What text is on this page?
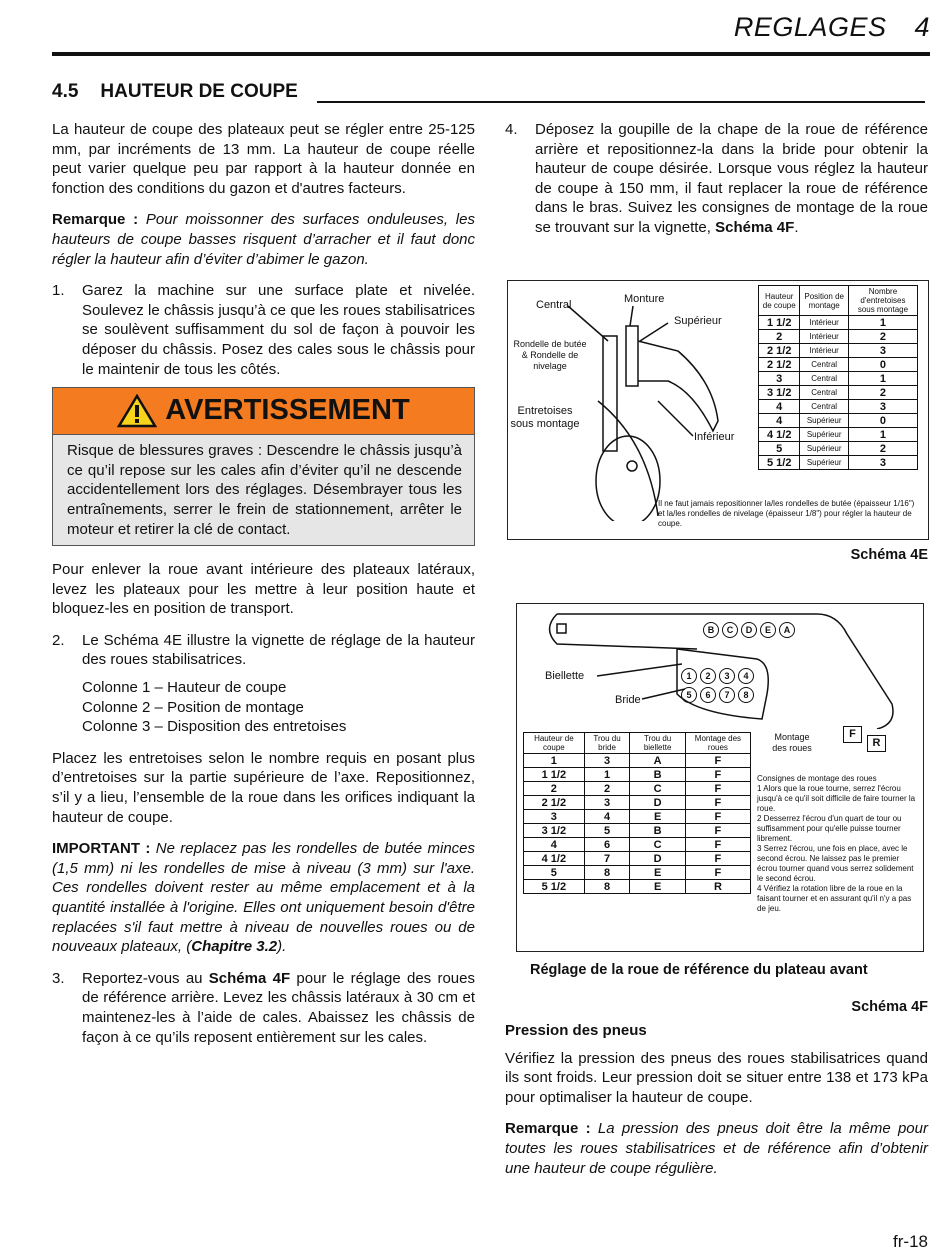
REGLAGES 4
4.5 HAUTEUR DE COUPE

La hauteur de coupe des plateaux peut se régler entre 25-125 mm, par incréments de 13 mm. La hauteur de coupe réelle peut varier quelque peu par rapport à la hauteur donnée en fonction des conditions du gazon et d'autres facteurs.

Remarque : Pour moissonner des surfaces onduleuses, les hauteurs de coupe basses risquent d’arracher et il faut donc régler la hauteur afin d’éviter d’abimer le gazon.

1.	Garez la machine sur une surface plate et nivelée. Soulevez le châssis jusqu’à ce que les roues stabilisatrices se soulèvent suffisamment du sol de façon à pouvoir les déposer du châssis. Posez des cales sous le châssis pour le maintenir de tous les côtés.
AVERTISSEMENT
Risque de blessures graves : Descendre le châssis jusqu’à ce qu’il repose sur les cales afin d’éviter qu’il ne descende accidentellement lors des réglages. Désembrayer tous les entraînements, serrer le frein de stationnement, arrêter le moteur et retirer la clé de contact.

Pour enlever la roue avant intérieure des plateaux latéraux, levez les plateaux pour les mettre à leur position haute et bloquez-les en position de transport.

2.	Le Schéma 4E illustre la vignette de réglage de la hauteur des roues stabilisatrices.
Colonne 1 – Hauteur de coupe
Colonne 2 – Position de montage
Colonne 3 – Disposition des entretoises

Placez les entretoises selon le nombre requis en posant plus d’entretoises sur la partie supérieure de l’axe. Repositionnez, s’il y a lieu, l’ensemble de la roue dans les orifices indiquant la hauteur de coupe.

IMPORTANT : Ne replacez pas les rondelles de butée minces (1,5 mm) ni les rondelles de mise à niveau (3 mm) sur l'axe. Ces rondelles doivent rester au même emplacement et à la quantité installée à l'origine. Elles ont uniquement besoin d'être replacées s'il faut mettre à niveau de nouvelles roues ou de nouveaux plateaux, (Chapitre 3.2).

3.	Reportez-vous au Schéma 4F pour le réglage des roues de référence arrière. Levez les châssis latéraux à 30 cm et maintenez-les à l’aide de cales. Abaissez les châssis de façon à ce qu’ils reposent entièrement sur les cales.
4.	Déposez la goupille de la chape de la roue de référence arrière et repositionnez-la dans la bride pour obtenir la hauteur de coupe désirée. Lorsque vous réglez la hauteur de coupe à 150 mm, il faut replacer la roue de référence dans le bras. Suivez les consignes de montage de la roue se trouvant sur la vignette, Schéma 4F.
Central	Monture
Supérieur
Rondelle de butée & Rondelle de nivelage
Entretoises sous montage
Inférieur
Hauteur de coupe	Position de montage	Nombre d'entretoises sous montage
1 1/2	Intérieur	1
2	Intérieur	2
2 1/2	Intérieur	3
2 1/2	Central	0
3	Central	1
3 1/2	Central	2
4	Central	3
4	Supérieur	0
4 1/2	Supérieur	1
5	Supérieur	2
5 1/2	Supérieur	3
Il ne faut jamais repositionner la/les rondelles de butée (épaisseur 1/16") et la/les rondelles de nivelage (épaisseur 1/8") pour régler la hauteur de coupe.
Schéma 4E
B	C	D	E	A
1	2	3	4
5	6	7	8
Biellette
Bride
Montage des roues
F
R
Hauteur de coupe	Trou du bride	Trou du biellette	Montage des roues
1	3	A	F
1 1/2	1	B	F
2	2	C	F
2 1/2	3	D	F
3	4	E	F
3 1/2	5	B	F
4	6	C	F
4 1/2	7	D	F
5	8	E	F
5 1/2	8	E	R
Consignes de montage des roues
1 Alors que la roue tourne, serrez l'écrou jusqu'à ce qu'il soit difficile de faire tourner la roue.
2 Desserrez l'écrou d'un quart de tour ou suffisamment pour qu'elle puisse tourner librement.
3 Serrez l'écrou, une fois en place, avec le second écrou. Ne laissez pas le premier écrou tourner quand vous serrez solidement le second écrou.
4 Vérifiez la rotation libre de la roue en la faisant tourner et en assurant qu'il n'y a pas de jeu.
Réglage de la roue de référence du plateau avant
Schéma 4F

Pression des pneus

Vérifiez la pression des pneus des roues stabilisatrices quand ils sont froids. Leur pression doit se situer entre 138 et 173 kPa pour optimaliser la hauteur de coupe.

Remarque : La pression des pneus doit être la même pour toutes les roues stabilisatrices et de référence afin d’obtenir une hauteur de coupe régulière.

fr-18
